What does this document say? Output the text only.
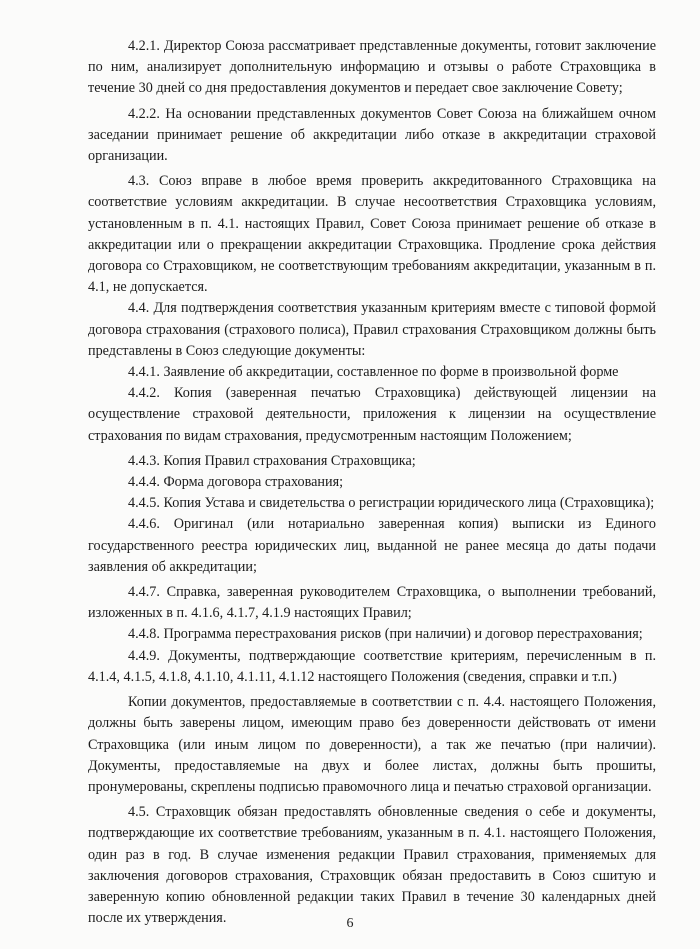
4.2.1. Директор Союза рассматривает представленные документы, готовит заключение по ним, анализирует дополнительную информацию и отзывы о работе Страховщика в течение 30 дней со дня предоставления документов и передает свое заключение Совету;

4.2.2. На основании представленных документов Совет Союза на ближайшем очном заседании принимает решение об аккредитации либо отказе в аккредитации страховой организации.

4.3. Союз вправе в любое время проверить аккредитованного Страховщика на соответствие условиям аккредитации. В случае несоответствия Страховщика условиям, установленным в п. 4.1. настоящих Правил, Совет Союза принимает решение об отказе в аккредитации или о прекращении аккредитации Страховщика. Продление срока действия договора со Страховщиком, не соответствующим требованиям аккредитации, указанным в п. 4.1, не допускается.

4.4. Для подтверждения соответствия указанным критериям вместе с типовой формой договора страхования (страхового полиса), Правил страхования Страховщиком должны быть представлены в Союз следующие документы:

4.4.1. Заявление об аккредитации, составленное по форме в произвольной форме

4.4.2. Копия (заверенная печатью Страховщика) действующей лицензии на осуществление страховой деятельности, приложения к лицензии на осуществление страхования по видам страхования, предусмотренным настоящим Положением;

4.4.3. Копия Правил страхования Страховщика;

4.4.4. Форма договора страхования;

4.4.5. Копия Устава и свидетельства о регистрации юридического лица (Страховщика);

4.4.6. Оригинал (или нотариально заверенная копия) выписки из Единого государственного реестра юридических лиц, выданной не ранее месяца до даты подачи заявления об аккредитации;

4.4.7. Справка, заверенная руководителем Страховщика, о выполнении требований, изложенных в п. 4.1.6, 4.1.7, 4.1.9 настоящих Правил;

4.4.8. Программа перестрахования рисков (при наличии) и договор перестрахования;

4.4.9. Документы, подтверждающие соответствие критериям, перечисленным в п. 4.1.4, 4.1.5, 4.1.8, 4.1.10, 4.1.11, 4.1.12 настоящего Положения (сведения, справки и т.п.)

Копии документов, предоставляемые в соответствии с п. 4.4. настоящего Положения, должны быть заверены лицом, имеющим право без доверенности действовать от имени Страховщика (или иным лицом по доверенности), а так же печатью (при наличии). Документы, предоставляемые на двух и более листах, должны быть прошиты, пронумерованы, скреплены подписью правомочного лица и печатью страховой организации.

4.5. Страховщик обязан предоставлять обновленные сведения о себе и документы, подтверждающие их соответствие требованиям, указанным в п. 4.1. настоящего Положения, один раз в год. В случае изменения редакции Правил страхования, применяемых для заключения договоров страхования, Страховщик обязан предоставить в Союз сшитую и заверенную копию обновленной редакции таких Правил в течение 30 календарных дней после их утверждения.	6
